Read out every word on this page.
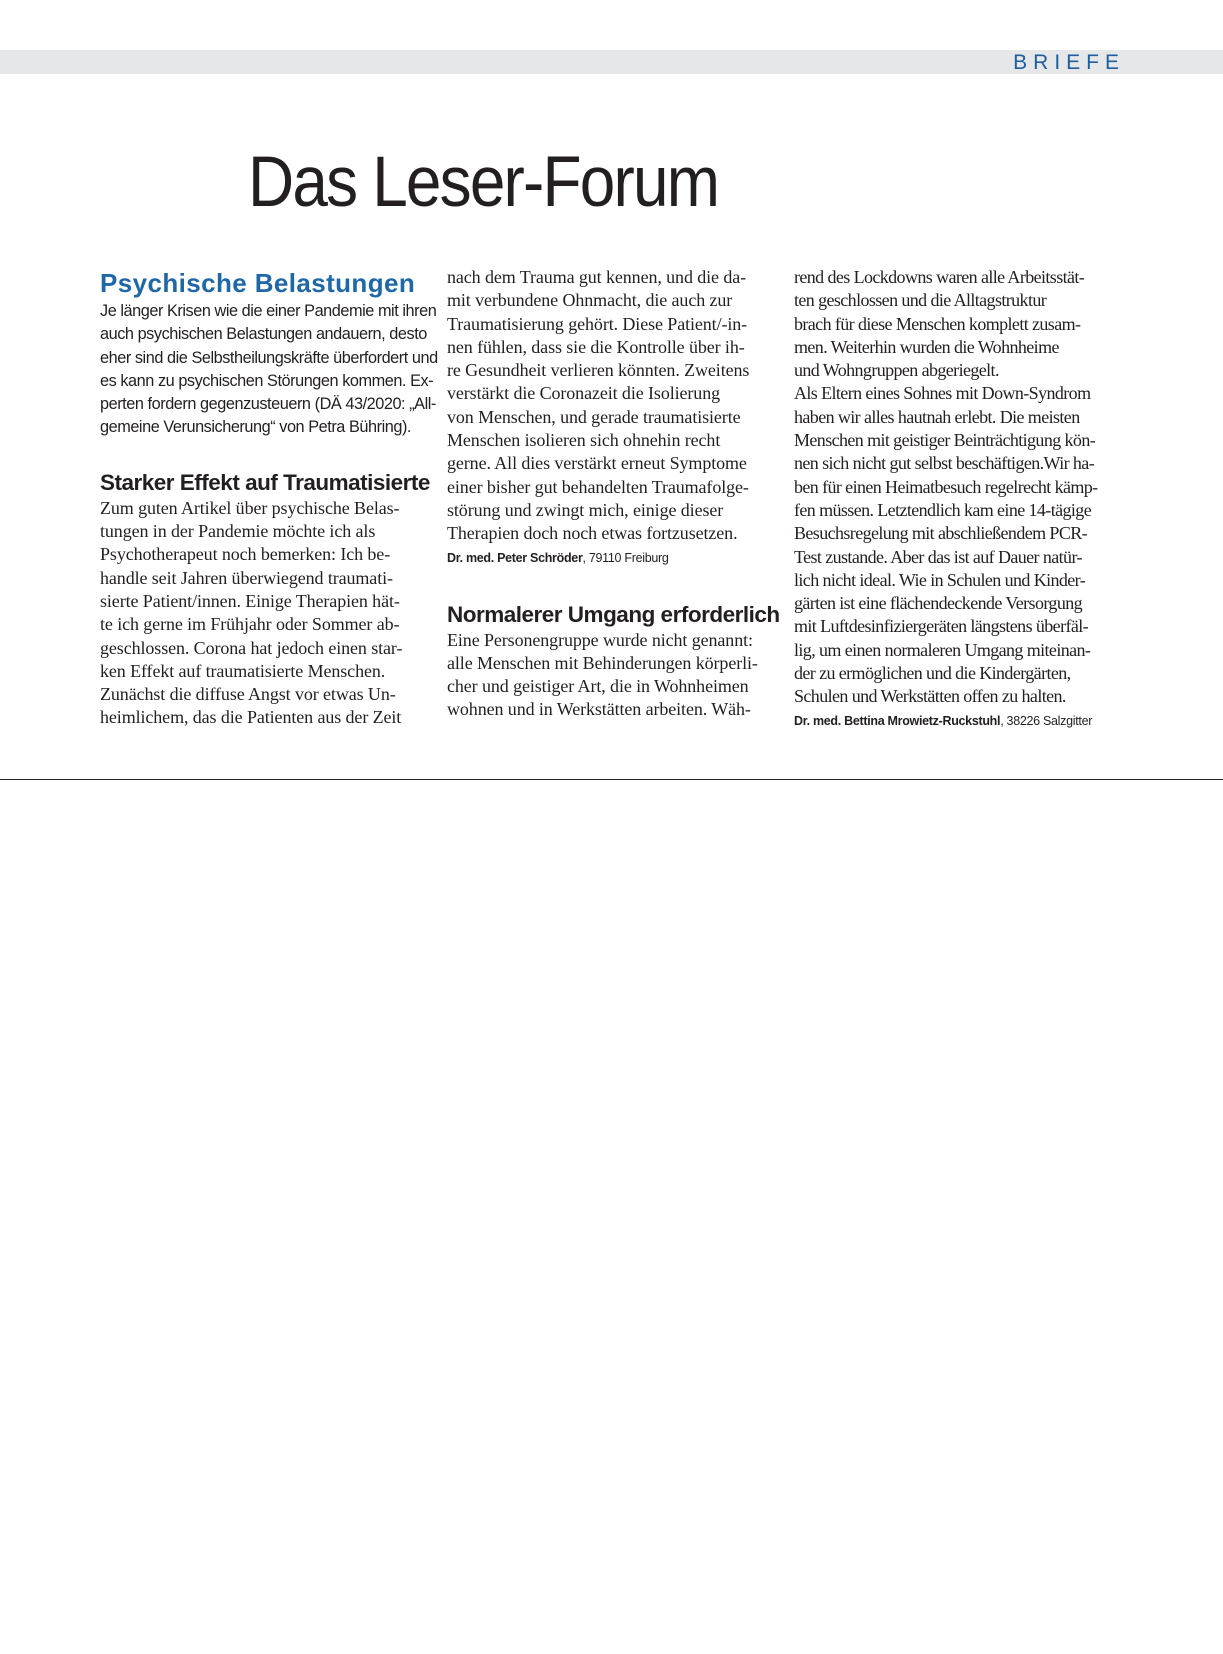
BRIEFE
Das Leser-Forum
Psychische Belastungen
Je länger Krisen wie die einer Pandemie mit ihren
auch psychischen Belastungen andauern, desto
eher sind die Selbstheilungskräfte überfordert und
es kann zu psychischen Störungen kommen. Ex-
perten fordern gegenzusteuern (DÄ 43/2020: „All-
gemeine Verunsicherung“ von Petra Bühring).
Starker Effekt auf Traumatisierte
Zum guten Artikel über psychische Belas-
tungen in der Pandemie möchte ich als
Psychotherapeut noch bemerken: Ich be-
handle seit Jahren überwiegend traumati-
sierte Patient/innen. Einige Therapien hät-
te ich gerne im Frühjahr oder Sommer ab-
geschlossen. Corona hat jedoch einen star-
ken Effekt auf traumatisierte Menschen.
Zunächst die diffuse Angst vor etwas Un-
heimlichem, das die Patienten aus der Zeit
nach dem Trauma gut kennen, und die da-
mit verbundene Ohnmacht, die auch zur
Traumatisierung gehört. Diese Patient/-in-
nen fühlen, dass sie die Kontrolle über ih-
re Gesundheit verlieren könnten. Zweitens
verstärkt die Coronazeit die Isolierung
von Menschen, und gerade traumatisierte
Menschen isolieren sich ohnehin recht
gerne. All dies verstärkt erneut Symptome
einer bisher gut behandelten Traumafolge-
störung und zwingt mich, einige dieser
Therapien doch noch etwas fortzusetzen.
Dr. med. Peter Schröder, 79110 Freiburg
Normalerer Umgang erforderlich
Eine Personengruppe wurde nicht genannt:
alle Menschen mit Behinderungen körperli-
cher und geistiger Art, die in Wohnheimen
wohnen und in Werkstätten arbeiten. Wäh-
rend des Lockdowns waren alle Arbeitsstät-
ten geschlossen und die Alltagstruktur
brach für diese Menschen komplett zusam-
men. Weiterhin wurden die Wohnheime
und Wohngruppen abgeriegelt.
Als Eltern eines Sohnes mit Down-Syndrom
haben wir alles hautnah erlebt. Die meisten
Menschen mit geistiger Beinträchtigung kön-
nen sich nicht gut selbst beschäftigen.Wir ha-
ben für einen Heimatbesuch regelrecht kämp-
fen müssen. Letztendlich kam eine 14-tägige
Besuchsregelung mit abschließendem PCR-
Test zustande. Aber das ist auf Dauer natür-
lich nicht ideal. Wie in Schulen und Kinder-
gärten ist eine flächendeckende Versorgung
mit Luftdesinfiziergeräten längstens überfäl-
lig, um einen normaleren Umgang miteinan-
der zu ermöglichen und die Kindergärten,
Schulen und Werkstätten offen zu halten.
Dr. med. Bettina Mrowietz-Ruckstuhl, 38226 Salzgitter
